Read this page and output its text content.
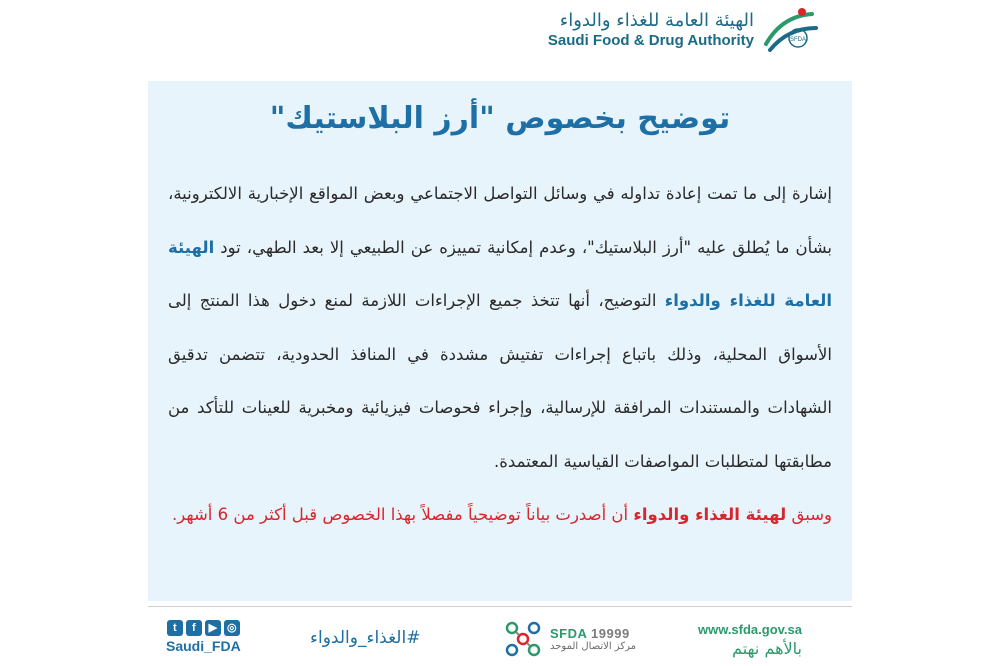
الهيئة العامة للغذاء والدواء
Saudi Food & Drug Authority	SFDA
توضيح بخصوص "أرز البلاستيك"

إشارة إلى ما تمت إعادة تداوله في وسائل التواصل الاجتماعي وبعض المواقع الإخبارية الالكترونية، بشأن ما يُطلق عليه "أرز البلاستيك"، وعدم إمكانية تمييزه عن الطبيعي إلا بعد الطهي، تود الهيئة العامة للغذاء والدواء التوضيح، أنها تتخذ جميع الإجراءات اللازمة لمنع دخول هذا المنتج إلى الأسواق المحلية، وذلك باتباع إجراءات تفتيش مشددة في المنافذ الحدودية، تتضمن تدقيق الشهادات والمستندات المرافقة للإرسالية، وإجراء فحوصات فيزيائية ومخبرية للعينات للتأكد من مطابقتها لمتطلبات المواصفات القياسية المعتمدة.

وسبق لهيئة الغذاء والدواء أن أصدرت بياناً توضيحياً مفصلاً بهذا الخصوص قبل أكثر من 6 أشهر.

t	f	▶ ◎
Saudi_FDA	#الغذاء_والدواء	SFDA 19999
مركز الاتصال الموحد
www.sfda.gov.sa
بالأهم نهتم
